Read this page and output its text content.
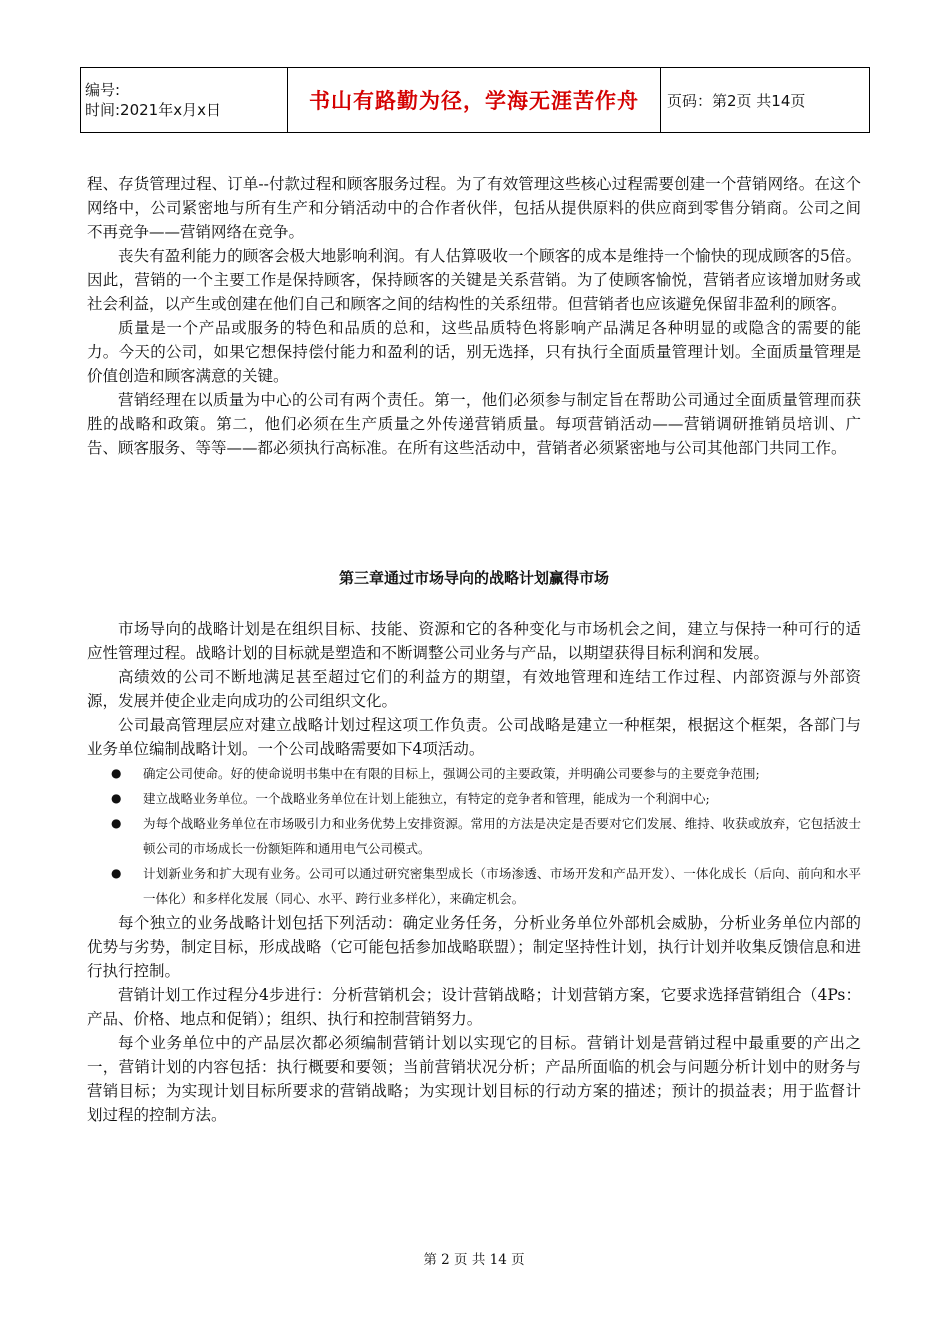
编号:
时间:2021年x月x日	书山有路勤为径，学海无涯苦作舟	页码：第2页 共14页

程、存货管理过程、订单--付款过程和顾客服务过程。为了有效管理这些核心过程需要创建一个营销网络。在这个网络中，公司紧密地与所有生产和分销活动中的合作者伙伴，包括从提供原料的供应商到零售分销商。公司之间不再竞争——营销网络在竞争。

丧失有盈利能力的顾客会极大地影响利润。有人估算吸收一个顾客的成本是维持一个愉快的现成顾客的5倍。因此，营销的一个主要工作是保持顾客，保持顾客的关键是关系营销。为了使顾客愉悦，营销者应该增加财务或社会利益，以产生或创建在他们自己和顾客之间的结构性的关系纽带。但营销者也应该避免保留非盈利的顾客。

质量是一个产品或服务的特色和品质的总和，这些品质特色将影响产品满足各种明显的或隐含的需要的能力。今天的公司，如果它想保持偿付能力和盈利的话，别无选择，只有执行全面质量管理计划。全面质量管理是价值创造和顾客满意的关键。

营销经理在以质量为中心的公司有两个责任。第一，他们必须参与制定旨在帮助公司通过全面质量管理而获胜的战略和政策。第二，他们必须在生产质量之外传递营销质量。每项营销活动——营销调研推销员培训、广告、顾客服务、等等——都必须执行高标准。在所有这些活动中，营销者必须紧密地与公司其他部门共同工作。

第三章通过市场导向的战略计划赢得市场

市场导向的战略计划是在组织目标、技能、资源和它的各种变化与市场机会之间，建立与保持一种可行的适应性管理过程。战略计划的目标就是塑造和不断调整公司业务与产品，以期望获得目标利润和发展。

高绩效的公司不断地满足甚至超过它们的利益方的期望，有效地管理和连结工作过程、内部资源与外部资源，发展并使企业走向成功的公司组织文化。

公司最高管理层应对建立战略计划过程这项工作负责。公司战略是建立一种框架，根据这个框架，各部门与业务单位编制战略计划。一个公司战略需要如下4项活动。

● 确定公司使命。好的使命说明书集中在有限的目标上，强调公司的主要政策，并明确公司要参与的主要竞争范围;
● 建立战略业务单位。一个战略业务单位在计划上能独立，有特定的竞争者和管理，能成为一个利润中心;
● 为每个战略业务单位在市场吸引力和业务优势上安排资源。常用的方法是决定是否要对它们发展、维持、收获或放弃，它包括波士顿公司的市场成长一份额矩阵和通用电气公司模式。
● 计划新业务和扩大现有业务。公司可以通过研究密集型成长（市场渗透、市场开发和产品开发）、一体化成长（后向、前向和水平一体化）和多样化发展（同心、水平、跨行业多样化），来确定机会。

每个独立的业务战略计划包括下列活动：确定业务任务，分析业务单位外部机会威胁，分析业务单位内部的优势与劣势，制定目标，形成战略（它可能包括参加战略联盟）；制定坚持性计划，执行计划并收集反馈信息和进行执行控制。

营销计划工作过程分4步进行：分析营销机会；设计营销战略；计划营销方案，它要求选择营销组合（4Ps：产品、价格、地点和促销）；组织、执行和控制营销努力。

每个业务单位中的产品层次都必须编制营销计划以实现它的目标。营销计划是营销过程中最重要的产出之一，营销计划的内容包括：执行概要和要领；当前营销状况分析；产品所面临的机会与问题分析计划中的财务与营销目标；为实现计划目标所要求的营销战略；为实现计划目标的行动方案的描述；预计的损益表；用于监督计划过程的控制方法。

第 2 页 共 14 页
